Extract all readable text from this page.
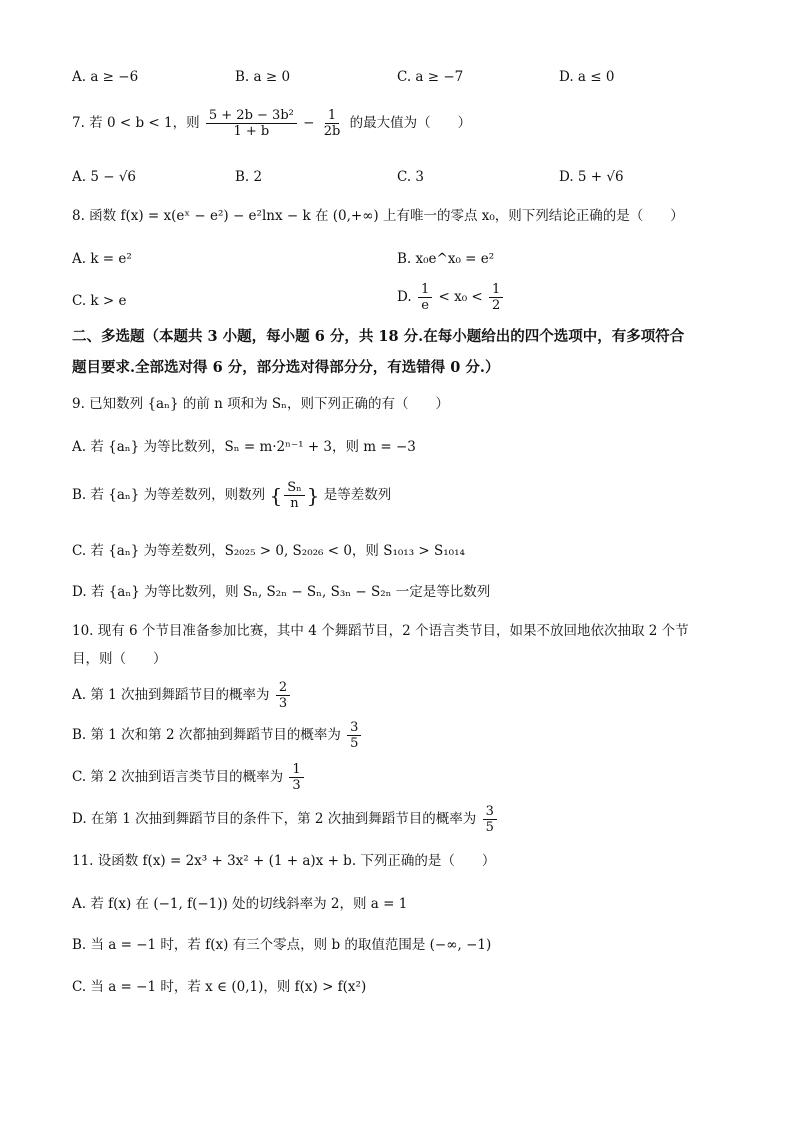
A. a ≥ −6	B. a ≥ 0	C. a ≥ −7	D. a ≤ 0
7. 若 0 < b < 1，则 $\frac{\text{5 + 2b − 3b²}}{1 + b} - \frac{1}{2b}$ 的最大值为（　　）
A. 5 − √6	B. 2	C. 3	D. 5 + √6
8. 函数 f(x) = x(eˣ − e²) − e²lnx − k 在 (0,+∞) 上有唯一的零点 x₀，则下列结论正确的是（　　）
A. k = e²	B. x₀e^x₀ = e²
C. k > e	D. $\frac{1}{e} < x_0 < \frac{1}{2}$
二、多选题（本题共 3 小题，每小题 6 分，共 18 分.在每小题给出的四个选项中，有多项符合
题目要求.全部选对得 6 分，部分选对得部分分，有选错得 0 分.）
9. 已知数列 {aₙ} 的前 n 项和为 Sₙ，则下列正确的有（　　）
A. 若 {aₙ} 为等比数列，Sₙ = m·2ⁿ⁻¹ + 3，则 m = −3
B. 若 {aₙ} 为等差数列，则数列 { $\frac{\text{Sₙ}}{n}$ } 是等差数列
C. 若 {aₙ} 为等差数列，S₂₀₂₅ > 0, S₂₀₂₆ < 0，则 S₁₀₁₃ > S₁₀₁₄
D. 若 {aₙ} 为等比数列，则 Sₙ, S₂ₙ − Sₙ, S₃ₙ − S₂ₙ 一定是等比数列
10. 现有 6 个节目准备参加比赛，其中 4 个舞蹈节目，2 个语言类节目，如果不放回地依次抽取 2 个节
目，则（　　）
A. 第 1 次抽到舞蹈节目的概率为 $\frac{2}{3}$
B. 第 1 次和第 2 次都抽到舞蹈节目的概率为 $\frac{3}{5}$
C. 第 2 次抽到语言类节目的概率为 $\frac{1}{3}$
D. 在第 1 次抽到舞蹈节目的条件下，第 2 次抽到舞蹈节目的概率为 $\frac{3}{5}$
11. 设函数 f(x) = 2x³ + 3x² + (1 + a)x + b. 下列正确的是（　　）
A. 若 f(x) 在 (−1, f(−1)) 处的切线斜率为 2，则 a = 1
B. 当 a = −1 时，若 f(x) 有三个零点，则 b 的取值范围是 (−∞, −1)
C. 当 a = −1 时，若 x ∈ (0,1)，则 f(x) > f(x²)
